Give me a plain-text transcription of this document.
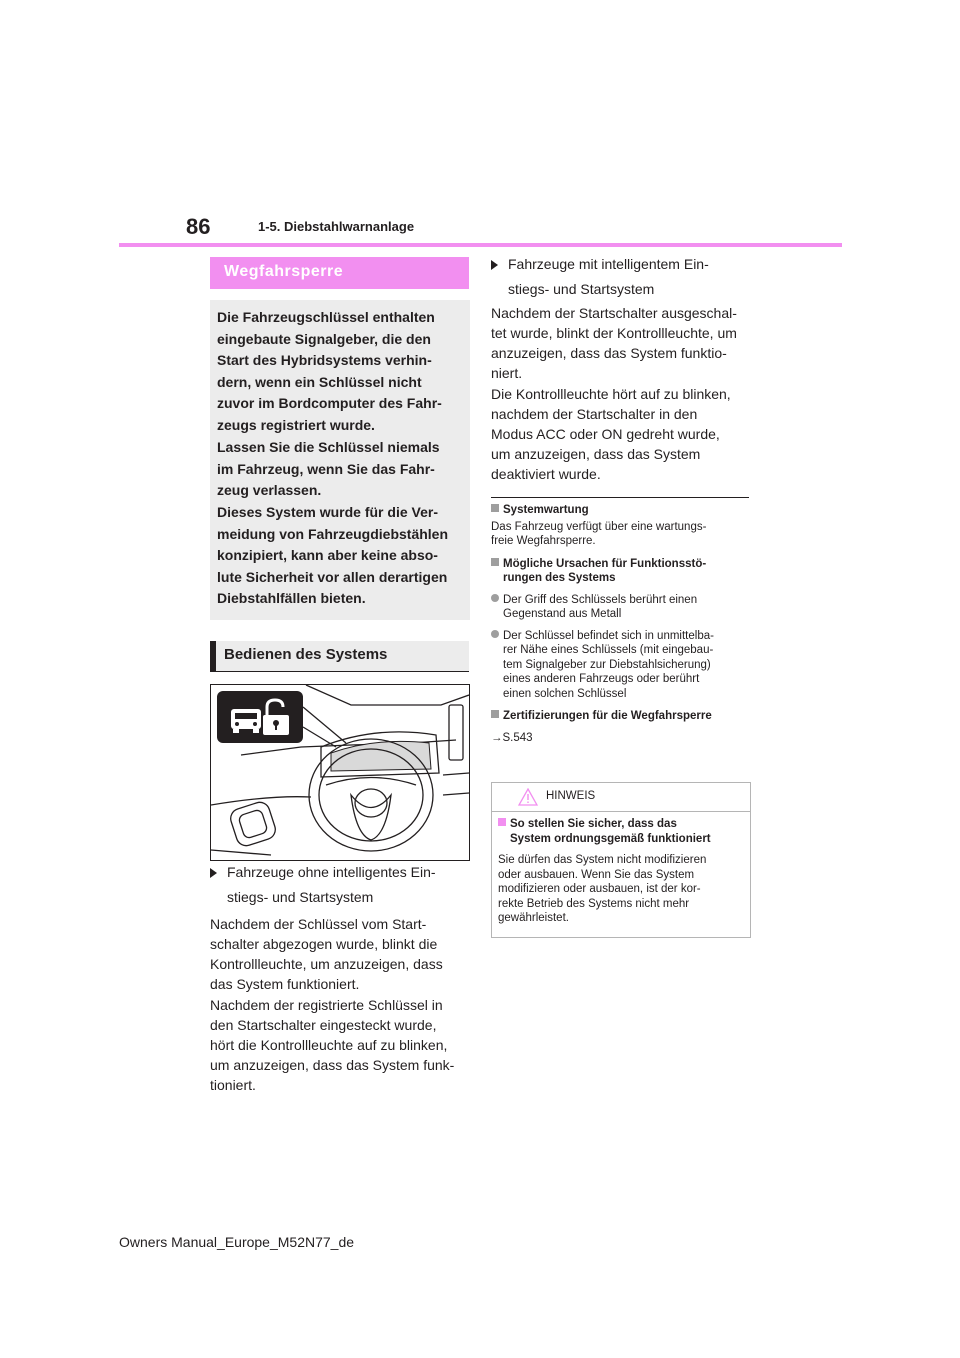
86	1-5. Diebstahlwarnanlage
Wegfahrsperre

Die Fahrzeugschlüssel enthalten
eingebaute Signalgeber, die den
Start des Hybridsystems verhin-
dern, wenn ein Schlüssel nicht
zuvor im Bordcomputer des Fahr-
zeugs registriert wurde.

Lassen Sie die Schlüssel niemals
im Fahrzeug, wenn Sie das Fahr-
zeug verlassen.

Dieses System wurde für die Ver-
meidung von Fahrzeugdiebstählen
konzipiert, kann aber keine abso-
lute Sicherheit vor allen derartigen
Diebstahlfällen bieten.

Bedienen des Systems
Fahrzeuge ohne intelligentes Ein-
stiegs- und Startsystem

Nachdem der Schlüssel vom Start-
schalter abgezogen wurde, blinkt die
Kontrollleuchte, um anzuzeigen, dass
das System funktioniert.

Nachdem der registrierte Schlüssel in
den Startschalter eingesteckt wurde,
hört die Kontrollleuchte auf zu blinken,
um anzuzeigen, dass das System funk-
tioniert.

Fahrzeuge mit intelligentem Ein-
stiegs- und Startsystem

Nachdem der Startschalter ausgeschal-
tet wurde, blinkt der Kontrollleuchte, um
anzuzeigen, dass das System funktio-
niert.

Die Kontrollleuchte hört auf zu blinken,
nachdem der Startschalter in den
Modus ACC oder ON gedreht wurde,
um anzuzeigen, dass das System
deaktiviert wurde.

Systemwartung

Das Fahrzeug verfügt über eine wartungs-
freie Wegfahrsperre.

Mögliche Ursachen für Funktionsstö-
rungen des Systems

Der Griff des Schlüssels berührt einen
Gegenstand aus Metall

Der Schlüssel befindet sich in unmittelba-
rer Nähe eines Schlüssels (mit eingebau-
tem Signalgeber zur Diebstahlsicherung)
eines anderen Fahrzeugs oder berührt
einen solchen Schlüssel

Zertifizierungen für die Wegfahrsperre

→S.543

HINWEIS

So stellen Sie sicher, dass das
System ordnungsgemäß funktioniert

Sie dürfen das System nicht modifizieren
oder ausbauen. Wenn Sie das System
modifizieren oder ausbauen, ist der kor-
rekte Betrieb des Systems nicht mehr
gewährleistet.

Owners Manual_Europe_M52N77_de
